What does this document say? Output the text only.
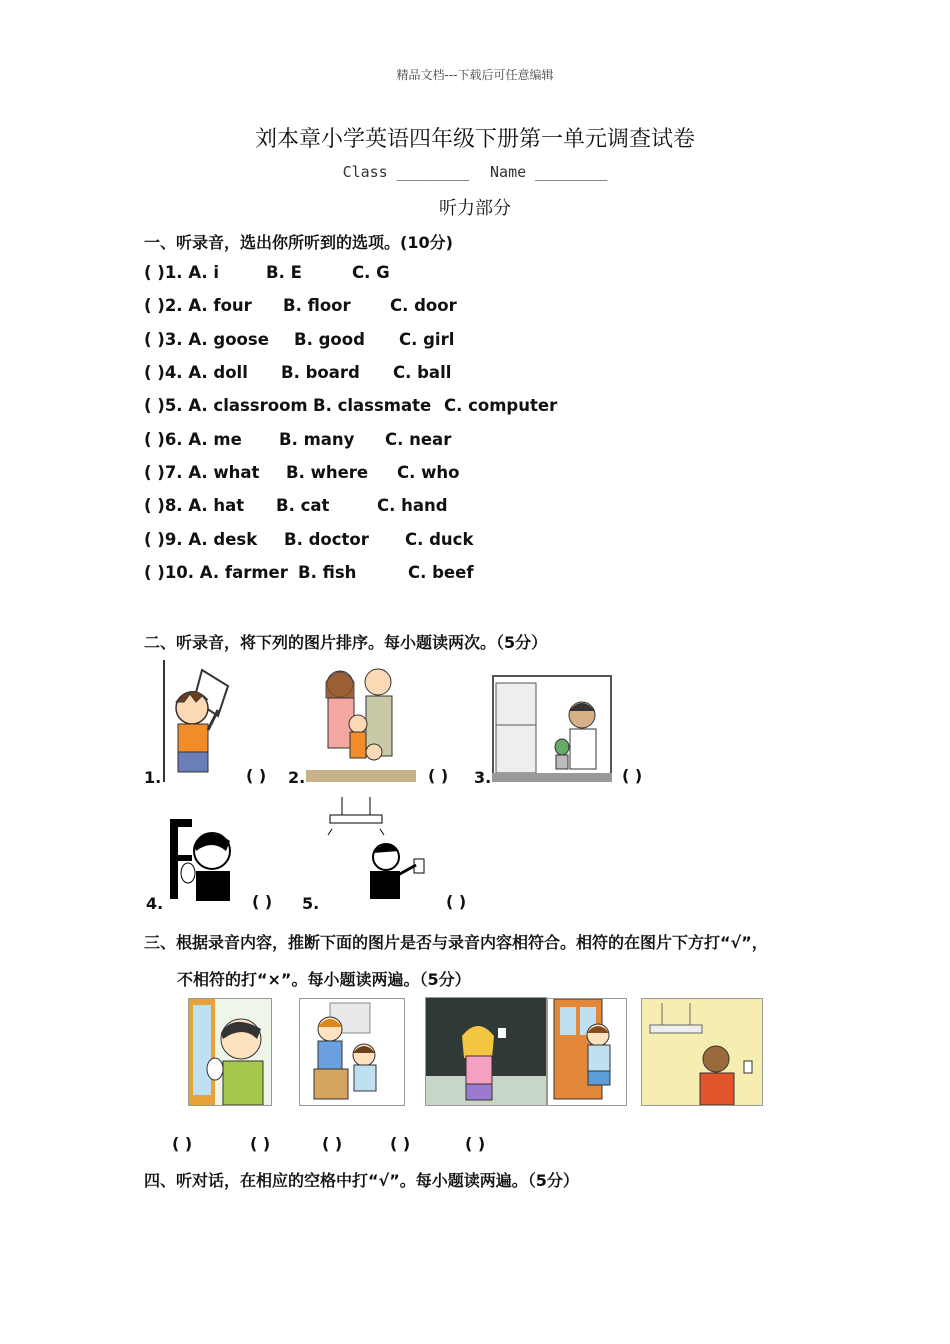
精品文档---下载后可任意编辑
刘本章小学英语四年级下册第一单元调查试卷
Class ________ Name ________
听力部分
一、听录音，选出你所听到的选项。(10分)
( )1. A. i	B. E	C. G
( )2. A. four B. floor C. door
( )3. A. goose B. good C. girl
( )4. A. doll B. board C. ball
( )5. A. classroom B. classmate C. computer
( )6. A. me B. many C. near
( )7. A. what B. where C. who
( )8. A. hat B. cat	C. hand
( )9. A. desk B. doctor C. duck
( )10. A. farmer B. fish	C. beef
二、听录音，将下列的图片排序。每小题读两次。（5分）
1.	( ) 2.	( ) 3.	( )
4.	( ) 5.	( )
三、根据录音内容，推断下面的图片是否与录音内容相符合。相符的在图片下方打“√”，
不相符的打“×”。每小题读两遍。（5分）
( )	( )	( )	( )	( )
四、听对话，在相应的空格中打“√”。每小题读两遍。（5分）
